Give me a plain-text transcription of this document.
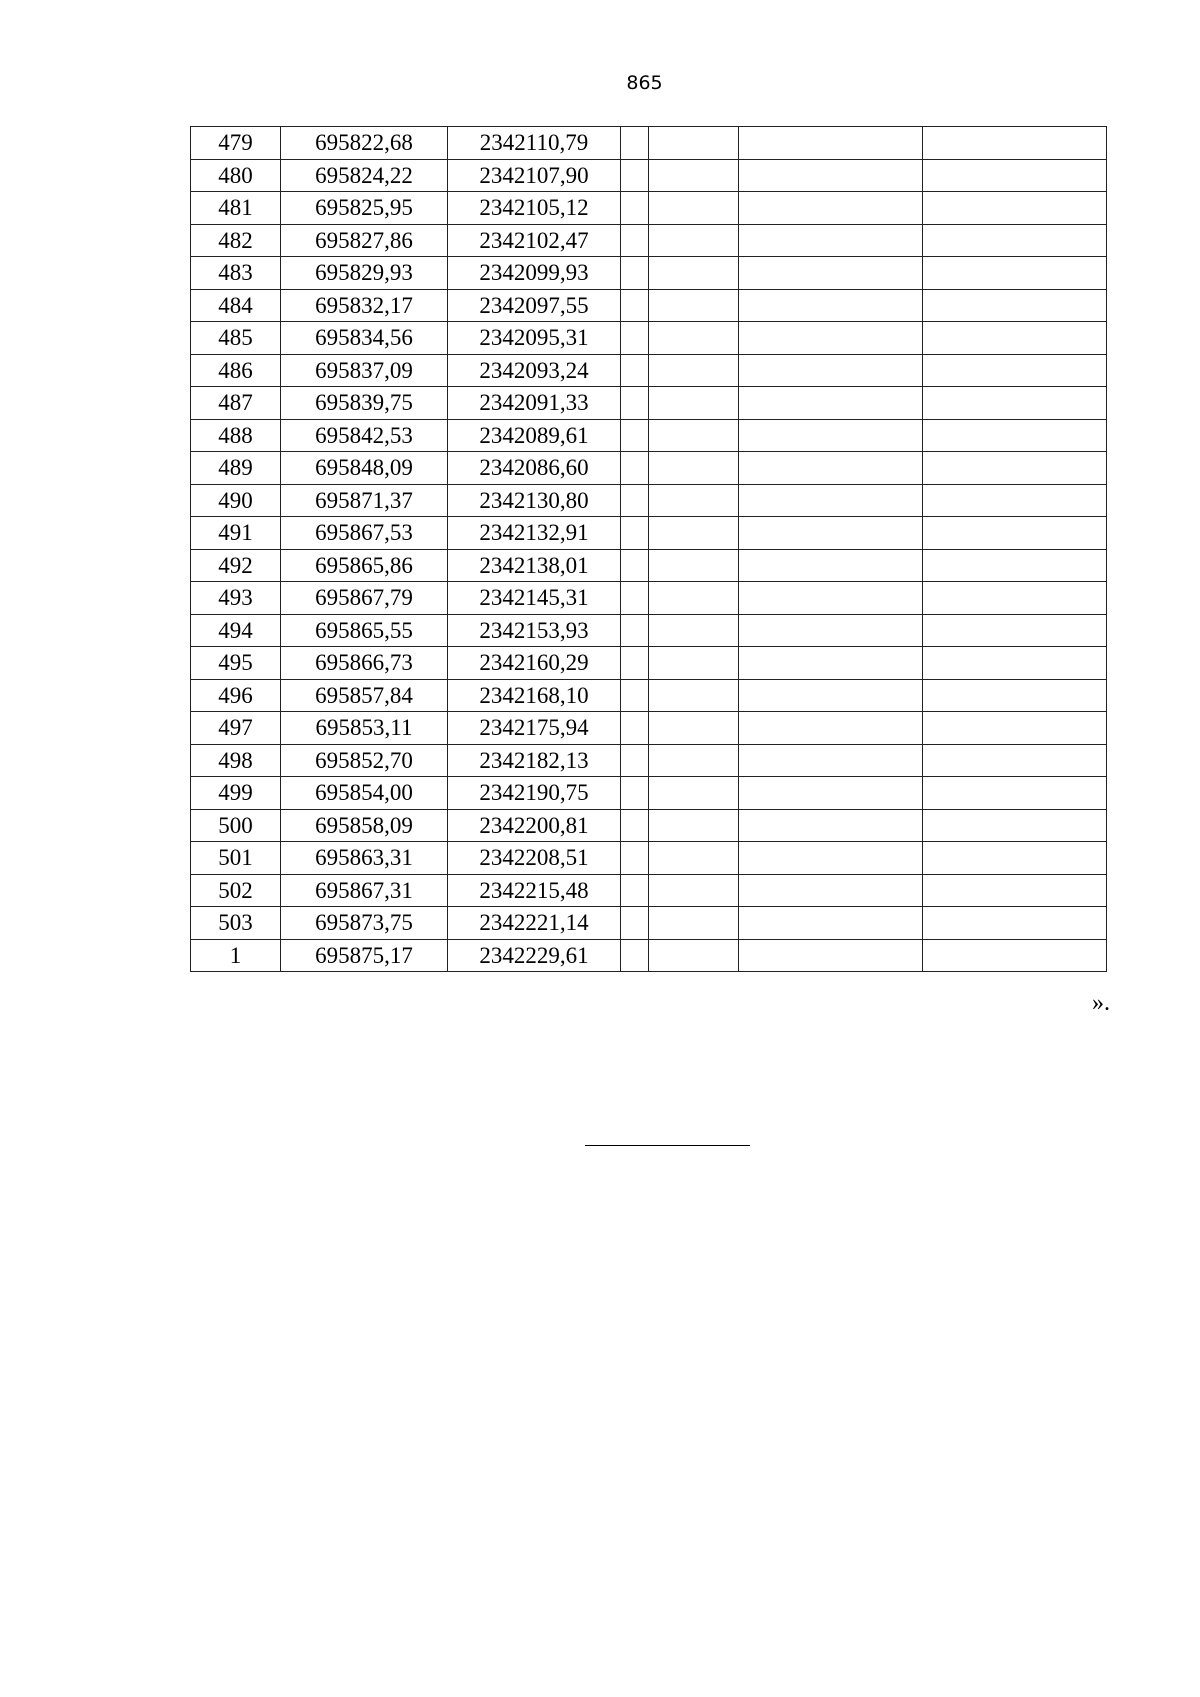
865
479	695822,68	2342110,79				
480	695824,22	2342107,90				
481	695825,95	2342105,12				
482	695827,86	2342102,47				
483	695829,93	2342099,93				
484	695832,17	2342097,55				
485	695834,56	2342095,31				
486	695837,09	2342093,24				
487	695839,75	2342091,33				
488	695842,53	2342089,61				
489	695848,09	2342086,60				
490	695871,37	2342130,80				
491	695867,53	2342132,91				
492	695865,86	2342138,01				
493	695867,79	2342145,31				
494	695865,55	2342153,93				
495	695866,73	2342160,29				
496	695857,84	2342168,10				
497	695853,11	2342175,94				
498	695852,70	2342182,13				
499	695854,00	2342190,75				
500	695858,09	2342200,81				
501	695863,31	2342208,51				
502	695867,31	2342215,48				
503	695873,75	2342221,14				
1	695875,17	2342229,61				
».
